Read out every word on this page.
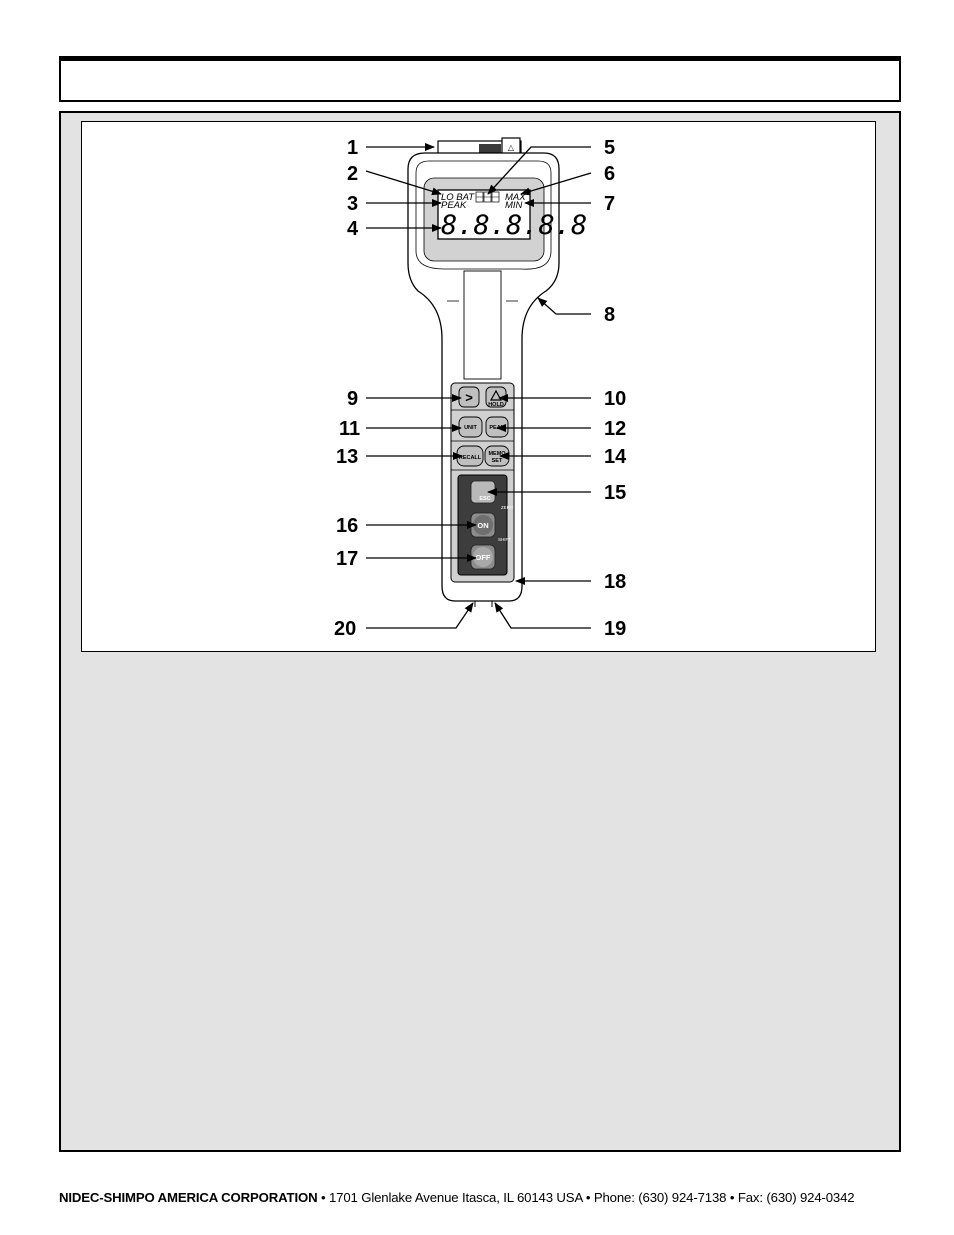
△
LO BAT
PEAK
MAX
MIN
8.8.8.8.8
>	HOLD
UNIT PEAK
RECALL
MEMO
SET
ESC
ZERO
ON
SHIFT
OFF
1
2
3
4
5
6
7
8
9	10
11	12
13	14
15
16
17
18
19
20
NIDEC-SHIMPO AMERICA CORPORATION • 1701 Glenlake Avenue Itasca, IL 60143 USA • Phone: (630) 924-7138 • Fax: (630) 924-0342
